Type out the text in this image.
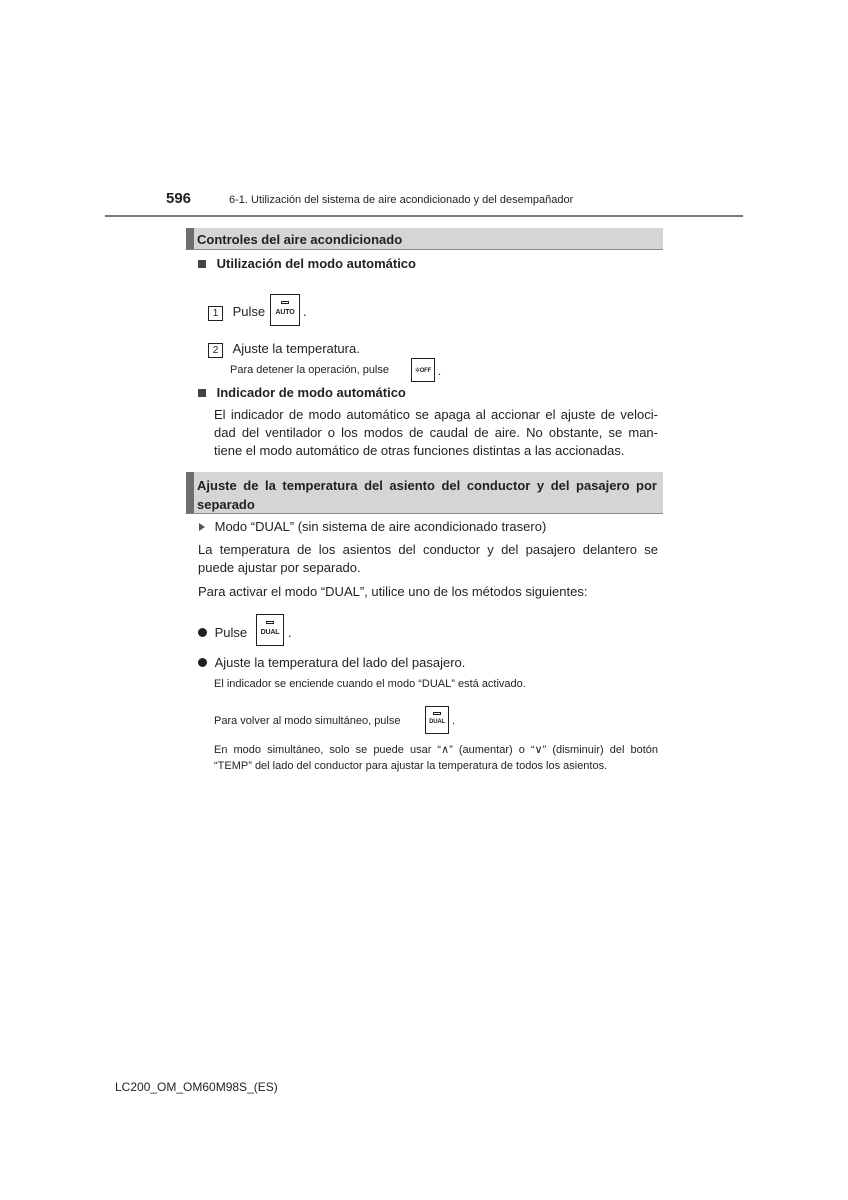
596	6-1. Utilización del sistema de aire acondicionado y del desempañador
Controles del aire acondicionado
Utilización del modo automático
1 Pulse	AUTO .
2 Ajuste la temperatura.
Para detener la operación, pulse	✲OFF .
Indicador de modo automático
El indicador de modo automático se apaga al accionar el ajuste de veloci-
dad del ventilador o los modos de caudal de aire. No obstante, se man-
tiene el modo automático de otras funciones distintas a las accionadas.
Ajuste de la temperatura del asiento del conductor y del pasajero por
separado
Modo “DUAL” (sin sistema de aire acondicionado trasero)
La temperatura de los asientos del conductor y del pasajero delantero se
puede ajustar por separado.
Para activar el modo “DUAL”, utilice uno de los métodos siguientes:
Pulse	DUAL .
Ajuste la temperatura del lado del pasajero.
El indicador se enciende cuando el modo “DUAL” está activado.
Para volver al modo simultáneo, pulse	DUAL .
En modo simultáneo, solo se puede usar “∧” (aumentar) o “∨” (disminuir) del botón
“TEMP” del lado del conductor para ajustar la temperatura de todos los asientos.
LC200_OM_OM60M98S_(ES)
